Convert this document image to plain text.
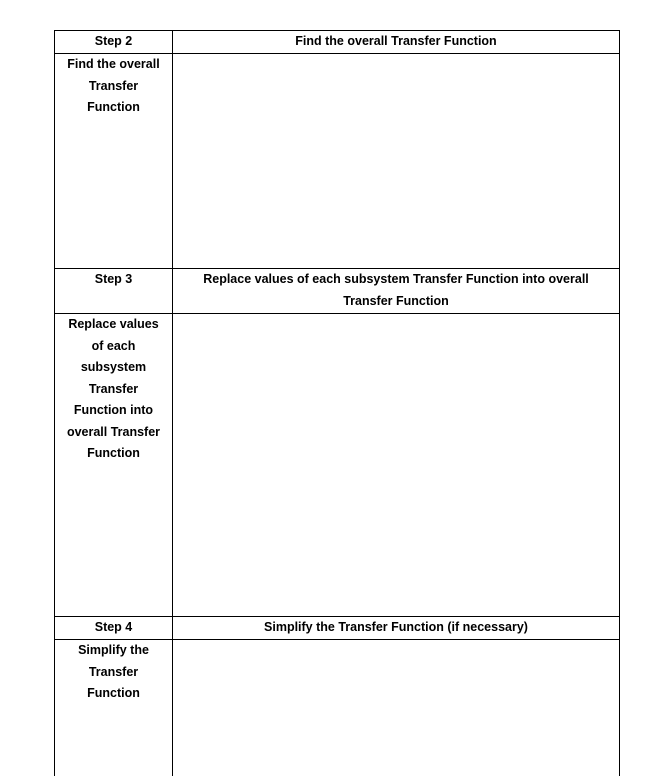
Step 2	Find the overall Transfer Function

Find the overall Transfer Function	

Step 3	Replace values of each subsystem Transfer Function into overall Transfer Function

Replace values of each subsystem Transfer Function into overall Transfer Function	

Step 4	Simplify the Transfer Function (if necessary)

Simplify the Transfer Function	
